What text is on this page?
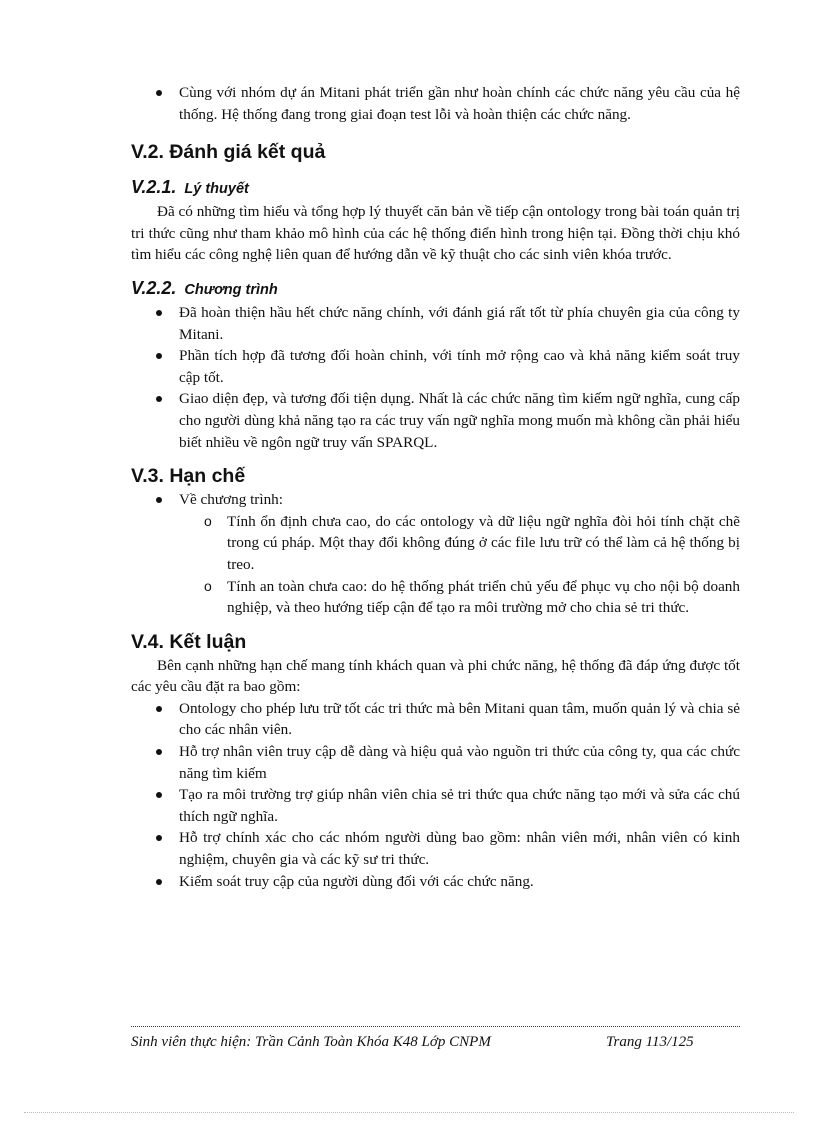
Cùng với nhóm dự án Mitani phát triển gần như hoàn chính các chức năng yêu cầu của hệ thống. Hệ thống đang trong giai đoạn test lỗi và hoàn thiện các chức năng.
V.2. Đánh giá kết quả
V.2.1. Lý thuyết

Đã có những tìm hiểu và tổng hợp lý thuyết căn bản về tiếp cận ontology trong bài toán quản trị tri thức cũng như tham khảo mô hình của các hệ thống điển hình trong hiện tại. Đồng thời chịu khó tìm hiểu các công nghệ liên quan để hướng dẫn về kỹ thuật cho các sinh viên khóa trước.

V.2.2. Chương trình
Đã hoàn thiện hầu hết chức năng chính, với đánh giá rất tốt từ phía chuyên gia của công ty Mitani.
Phần tích hợp đã tương đối hoàn chỉnh, với tính mở rộng cao và khả năng kiểm soát truy cập tốt.
Giao diện đẹp, và tương đối tiện dụng. Nhất là các chức năng tìm kiếm ngữ nghĩa, cung cấp cho người dùng khả năng tạo ra các truy vấn ngữ nghĩa mong muốn mà không cần phải hiểu biết nhiều về ngôn ngữ truy vấn SPARQL.
V.3. Hạn chế
Về chương trình:
o Tính ổn định chưa cao, do các ontology và dữ liệu ngữ nghĩa đòi hỏi tính chặt chẽ trong cú pháp. Một thay đổi không đúng ở các file lưu trữ có thể làm cả hệ thống bị treo.
o Tính an toàn chưa cao: do hệ thống phát triển chủ yếu để phục vụ cho nội bộ doanh nghiệp, và theo hướng tiếp cận để tạo ra môi trường mở cho chia sẻ tri thức.
V.4. Kết luận

Bên cạnh những hạn chế mang tính khách quan và phi chức năng, hệ thống đã đáp ứng được tốt các yêu cầu đặt ra bao gồm:

Ontology cho phép lưu trữ tốt các tri thức mà bên Mitani quan tâm, muốn quản lý và chia sẻ cho các nhân viên.
Hỗ trợ nhân viên truy cập dễ dàng và hiệu quả vào nguồn tri thức của công ty, qua các chức năng tìm kiếm
Tạo ra môi trường trợ giúp nhân viên chia sẻ tri thức qua chức năng tạo mới và sửa các chú thích ngữ nghĩa.
Hỗ trợ chính xác cho các nhóm người dùng bao gồm: nhân viên mới, nhân viên có kinh nghiệm, chuyên gia và các kỹ sư tri thức.
Kiểm soát truy cập của người dùng đối với các chức năng.
Sinh viên thực hiện: Trần Cảnh Toàn Khóa K48 Lớp CNPM	Trang 113/125
